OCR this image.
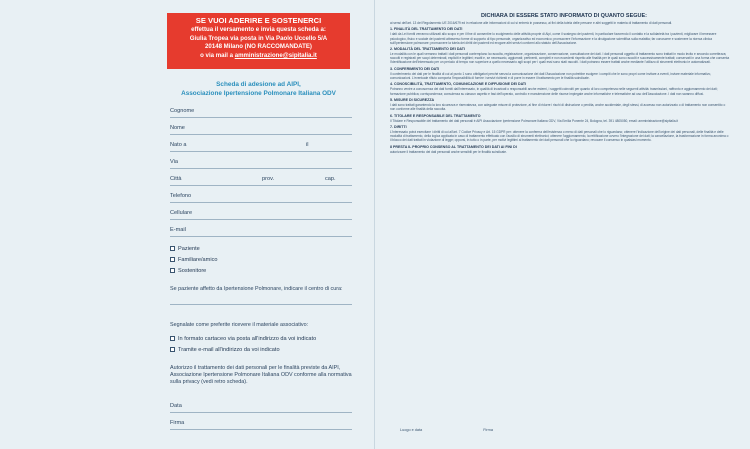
SE VUOI ADERIRE E SOSTENERCI
effettua il versamento e invia questa scheda a:
Giulia Tropea via posta in Via Paolo Uccello 5/A
20148 Milano (NO RACCOMANDATE)
o via mail a amministrazione@sipitalia.it
Scheda di adesione ad AIPI,
Associazione Ipertensione Polmonare Italiana ODV
Cognome
Nome
Nato a	il
Via
Città	prov.	cap.
Telefono
Cellulare
E-mail
Paziente
Familiare/amico
Sostenitore
Se paziente affetto da Ipertensione Polmonare, indicare il centro di cura:
Segnalate come preferite ricevere il materiale associativo:
In formato cartaceo via posta all'indirizzo da voi indicato
Tramite e-mail all'indirizzo da voi indicato
Autorizzo il trattamento dei dati personali per le finalità previste da AIPI, Associazione Ipertensione Polmonare Italiana ODV conforme alla normativa sulla privacy (vedi retro scheda).
Data
Firma
DICHIARA DI ESSERE STATO INFORMATO DI QUANTO SEGUE:

ai sensi dell'art. 13 del Regolamento UE 2016/679 ed in relazione alle informazioni di cui si entrerà in possesso, ai fini della tutela delle persone e altri soggetti in materia di trattamento di dati personali.

1. FINALITÀ DEL TRATTAMENTO DEI DATI

I dati da Lei forniti verranno utilizzati allo scopo e per il fine di consentire lo svolgimento delle attività proprie di Aipi, come il sostegno dei pazienti, in particolare favorendo il contatto e la solidarietà tra i pazienti, migliorare il benessere psicologico, fisico e sociale dei pazienti attraverso forme di supporto di tipo personale, organizzativo ed economico; promuovere l'informazione e la divulgazione scientifica sulla malattia; far conoscere e sostenere la ricerca clinica sull'ipertensione polmonare; promuovere la tutela dei diritti dei pazienti ed erogare altri servizi conformi allo statuto dell'Associazione.

2. MODALITÀ DEL TRATTAMENTO DEI DATI

Le modalità con le quali verranno trattati i dati personali contemplano la raccolta, registrazione, organizzazione, conservazione, consultazione dei dati. I dati personali oggetto di trattamento sono trattati in modo lecito e secondo correttezza; raccolti e registrati per scopi determinati, espliciti e legittimi; esatti e, se necessario, aggiornati; pertinenti, completi e non eccedenti rispetto alle finalità per le quali sono raccolti e successivamente trattati; conservati in una forma che consenta l'identificazione dell'interessato per un periodo di tempo non superiore a quello necessario agli scopi per i quali essi sono stati raccolti. I dati potranno essere trattati anche mediante l'utilizzo di strumenti elettronici e automatizzati.

3. CONFERIMENTO DEI DATI

Il conferimento dei dati per le finalità di cui al punto 1 sono obbligatori perché senza la comunicazione dei dati l'Associazione non potrebbe svolgere i compiti che le sono propri come invitare a eventi, inviare materiale informativo, comunicazioni. L'eventuale rifiuto comporta l'impossibilità di fornire i servizi richiesti e di porre in essere il trattamento per le finalità suindicate.

4. CONOSCIBILITÀ, TRATTAMENTO, COMUNICAZIONE E DIFFUSIONE DEI DATI

Potranno venire a conoscenza dei dati forniti dall'interessato, in qualità di incaricati o responsabili anche esterni, i soggetti coinvolti per quanto di loro competenza nelle seguenti attività: trasmissioni, raffronto e aggiornamento dei dati; formazione pubblica; corrispondenza; consulenza su ciascun aspetto e fasi dell'operato, controllo e manutenzione delle risorse impiegate anche informatiche e telematiche ad uso dell'Associazione. I dati non saranno diffusi.

5. MISURE DI SICUREZZA

I dati sono trattati garantendo la loro sicurezza e riservatezza, con adeguate misure di protezione, al fine di ridurre i rischi di distruzione o perdita, anche accidentale, degli stessi, di accesso non autorizzato o di trattamento non consentito o non conforme alle finalità della raccolta.

6. TITOLARE E RESPONSABILE DEL TRATTAMENTO

Il Titolare e Responsabile del trattamento dei dati personali è AIPI Associazione Ipertensione Polmonare Italiana ODV, Via Emilia Ponente 24, Bologna, tel. 391 4805050, email: amministrazione@sipitalia.it

7. DIRITTI

L'interessato potrà esercitare i diritti di cui all'art. 7 Codice Privacy e Art. 15 GDPR per: ottenere la conferma dell'esistenza o meno di dati personali che lo riguardano; ottenere l'indicazione dell'origine dei dati personali, delle finalità e delle modalità di trattamento, della logica applicata in caso di trattamento effettuato con l'ausilio di strumenti elettronici; ottenere l'aggiornamento, la rettificazione ovvero l'integrazione dei dati; la cancellazione, la trasformazione in forma anonima o il blocco dei dati trattati in violazione di legge; opporsi, in tutto o in parte, per motivi legittimi al trattamento dei dati personali che lo riguardano; revocare il consenso in qualsiasi momento.

8 PRESTA IL PROPRIO CONSENSO AL TRATTAMENTO DEI DATI AI FINI DI

autorizzare il trattamento dei dati personali anche sensibili per le finalità suindicate.

Luogo e data	Firma
